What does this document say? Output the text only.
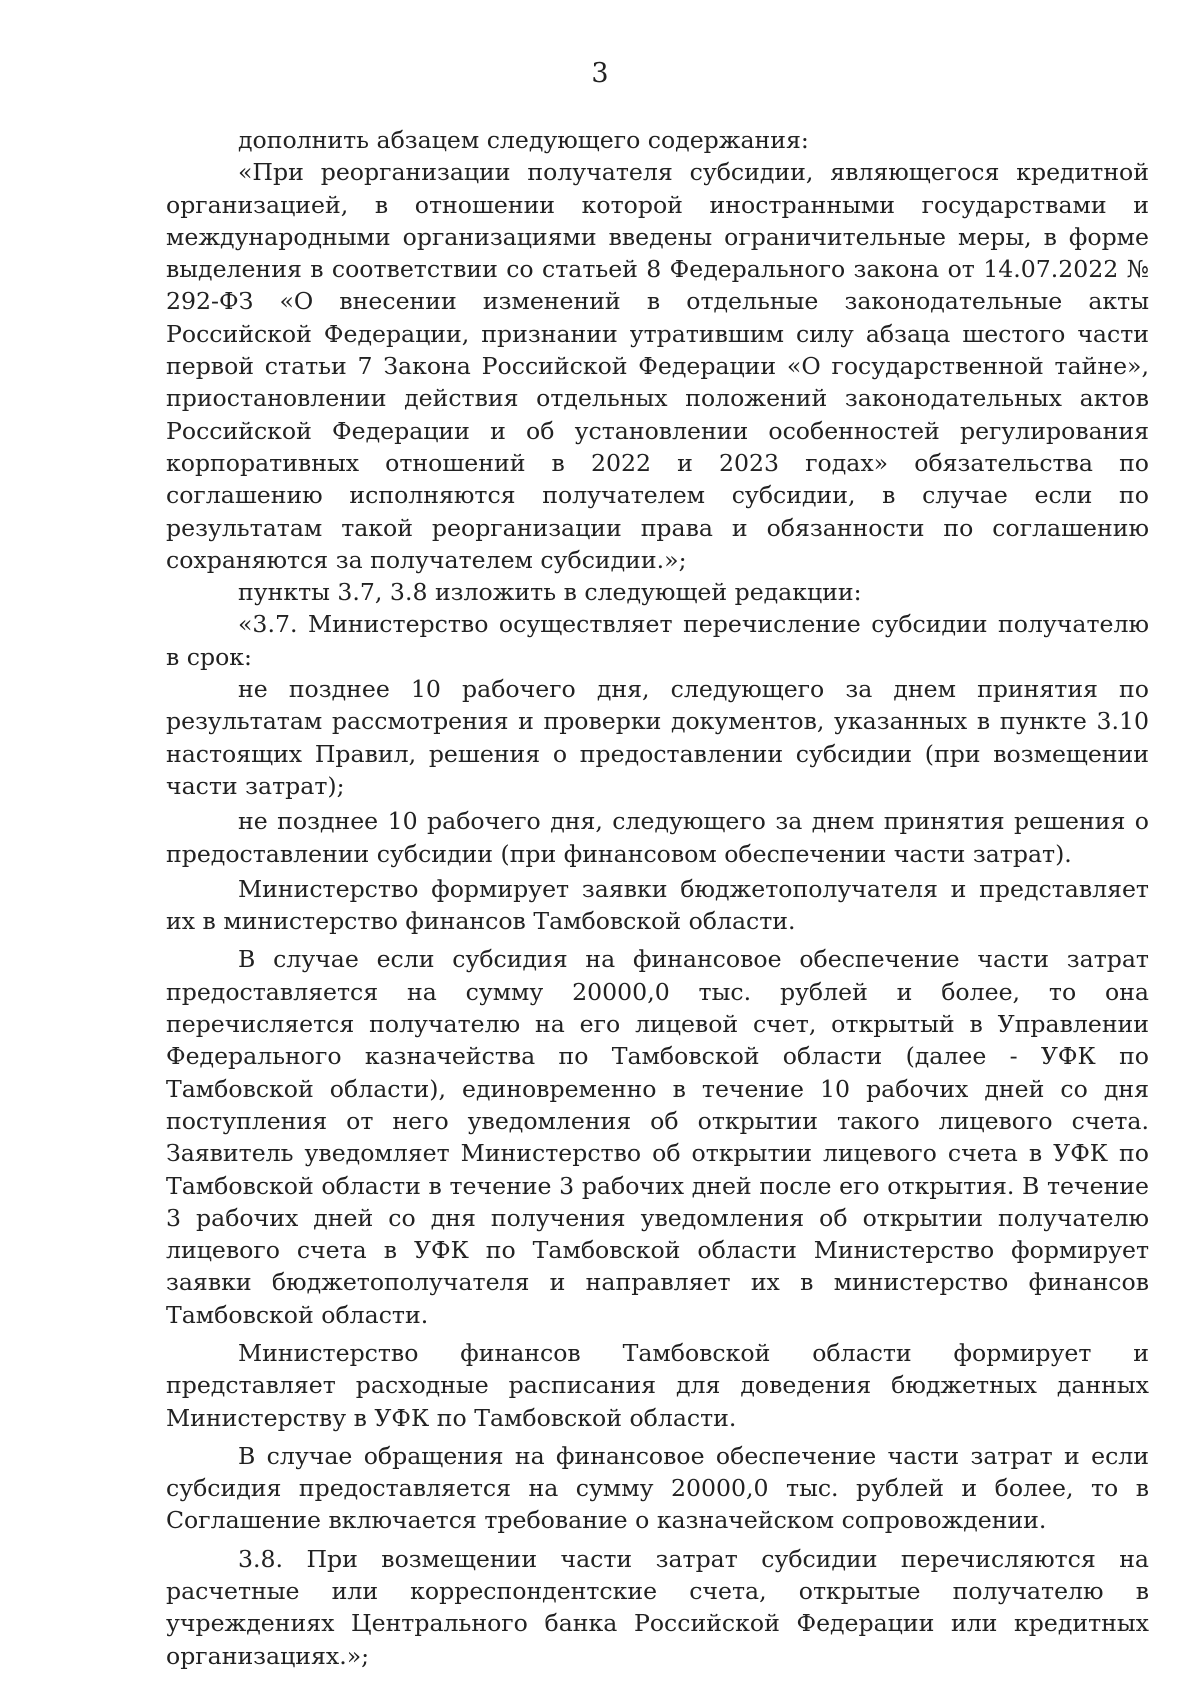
3

дополнить абзацем следующего содержания:

«При реорганизации получателя субсидии, являющегося кредитной организацией, в отношении которой иностранными государствами и международными организациями введены ограничительные меры, в форме выделения в соответствии со статьей 8 Федерального закона от 14.07.2022 № 292-ФЗ «О внесении изменений в отдельные законодательные акты Российской Федерации, признании утратившим силу абзаца шестого части первой статьи 7 Закона Российской Федерации «О государственной тайне», приостановлении действия отдельных положений законодательных актов Российской Федерации и об установлении особенностей регулирования корпоративных отношений в 2022 и 2023 годах» обязательства по соглашению исполняются получателем субсидии, в случае если по результатам такой реорганизации права и обязанности по соглашению сохраняются за получателем субсидии.»;

пункты 3.7, 3.8 изложить в следующей редакции:

«3.7. Министерство осуществляет перечисление субсидии получателю в срок:

не позднее 10 рабочего дня, следующего за днем принятия по результатам рассмотрения и проверки документов, указанных в пункте 3.10 настоящих Правил, решения о предоставлении субсидии (при возмещении части затрат);

не позднее 10 рабочего дня, следующего за днем принятия решения о предоставлении субсидии (при финансовом обеспечении части затрат).

Министерство формирует заявки бюджетополучателя и представляет их в министерство финансов Тамбовской области.

В случае если субсидия на финансовое обеспечение части затрат предоставляется на сумму 20000,0 тыс. рублей и более, то она перечисляется получателю на его лицевой счет, открытый в Управлении Федерального казначейства по Тамбовской области (далее - УФК по Тамбовской области), единовременно в течение 10 рабочих дней со дня поступления от него уведомления об открытии такого лицевого счета. Заявитель уведомляет Министерство об открытии лицевого счета в УФК по Тамбовской области в течение 3 рабочих дней после его открытия. В течение 3 рабочих дней со дня получения уведомления об открытии получателю лицевого счета в УФК по Тамбовской области Министерство формирует заявки бюджетополучателя и направляет их в министерство финансов Тамбовской области.

Министерство финансов Тамбовской области формирует и представляет расходные расписания для доведения бюджетных данных Министерству в УФК по Тамбовской области.

В случае обращения на финансовое обеспечение части затрат и если субсидия предоставляется на сумму 20000,0 тыс. рублей и более, то в Соглашение включается требование о казначейском сопровождении.

3.8. При возмещении части затрат субсидии перечисляются на расчетные или корреспондентские счета, открытые получателю в учреждениях Центрального банка Российской Федерации или кредитных организациях.»;
